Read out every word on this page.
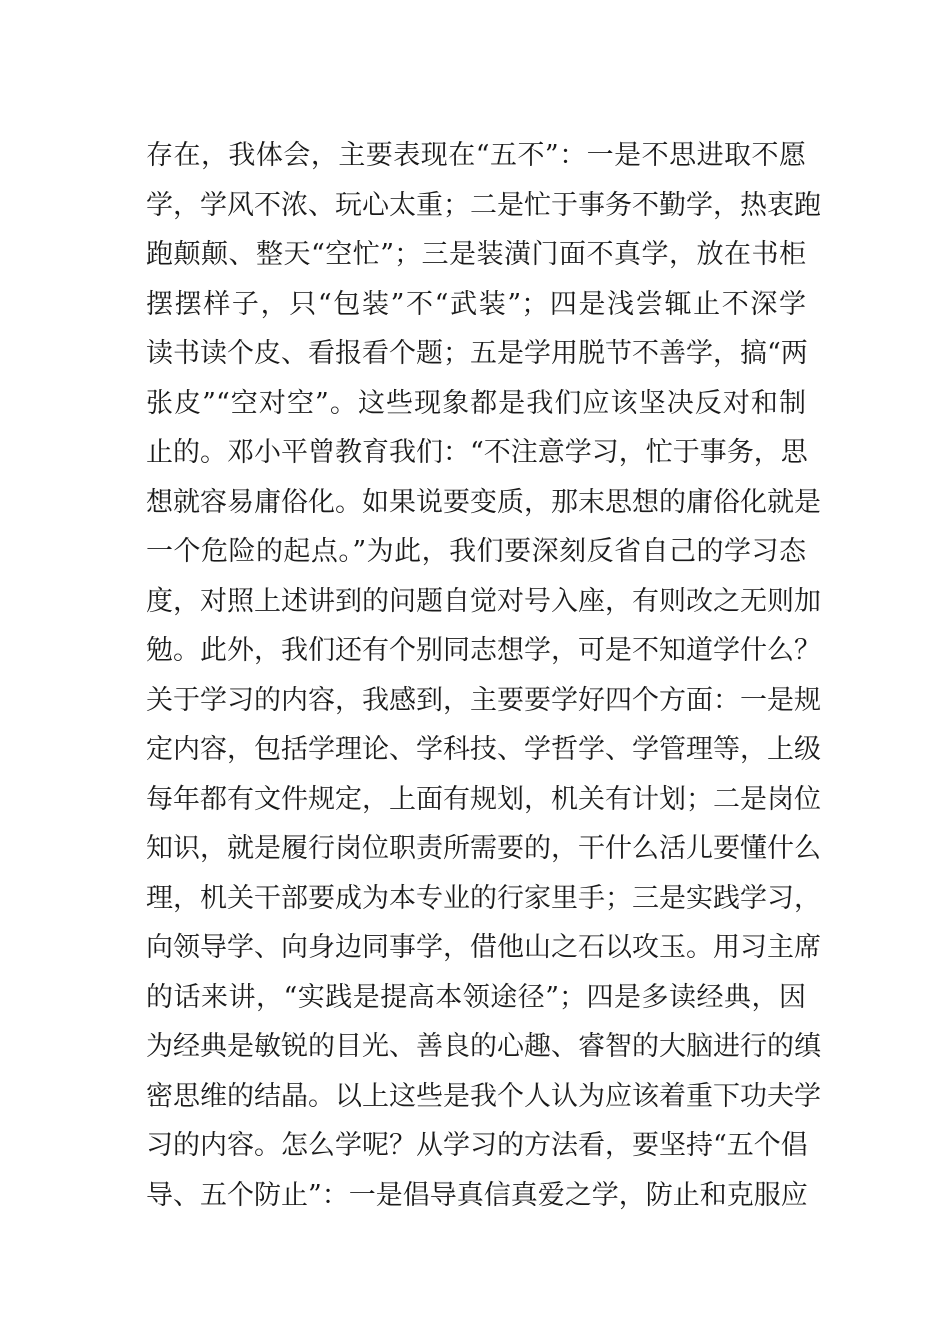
存在，我体会，主要表现在“五不”：一是不思进取不愿
学，学风不浓、玩心太重；二是忙于事务不勤学，热衷跑
跑颠颠、整天“空忙”；三是装潢门面不真学，放在书柜
摆摆样子，只“包装”不“武装”；四是浅尝辄止不深学
读书读个皮、看报看个题；五是学用脱节不善学，搞“两
张皮”“空对空”。这些现象都是我们应该坚决反对和制
止的。邓小平曾教育我们：“不注意学习，忙于事务，思
想就容易庸俗化。如果说要变质，那末思想的庸俗化就是
一个危险的起点。”为此，我们要深刻反省自己的学习态
度，对照上述讲到的问题自觉对号入座，有则改之无则加
勉。此外，我们还有个别同志想学，可是不知道学什么？
关于学习的内容，我感到，主要要学好四个方面：一是规
定内容，包括学理论、学科技、学哲学、学管理等，上级
每年都有文件规定，上面有规划，机关有计划；二是岗位
知识，就是履行岗位职责所需要的，干什么活儿要懂什么
理，机关干部要成为本专业的行家里手；三是实践学习，
向领导学、向身边同事学，借他山之石以攻玉。用习主席
的话来讲，“实践是提高本领途径”；四是多读经典，因
为经典是敏锐的目光、善良的心趣、睿智的大脑进行的缜
密思维的结晶。以上这些是我个人认为应该着重下功夫学
习的内容。怎么学呢？从学习的方法看，要坚持“五个倡
导、五个防止”：一是倡导真信真爱之学，防止和克服应
